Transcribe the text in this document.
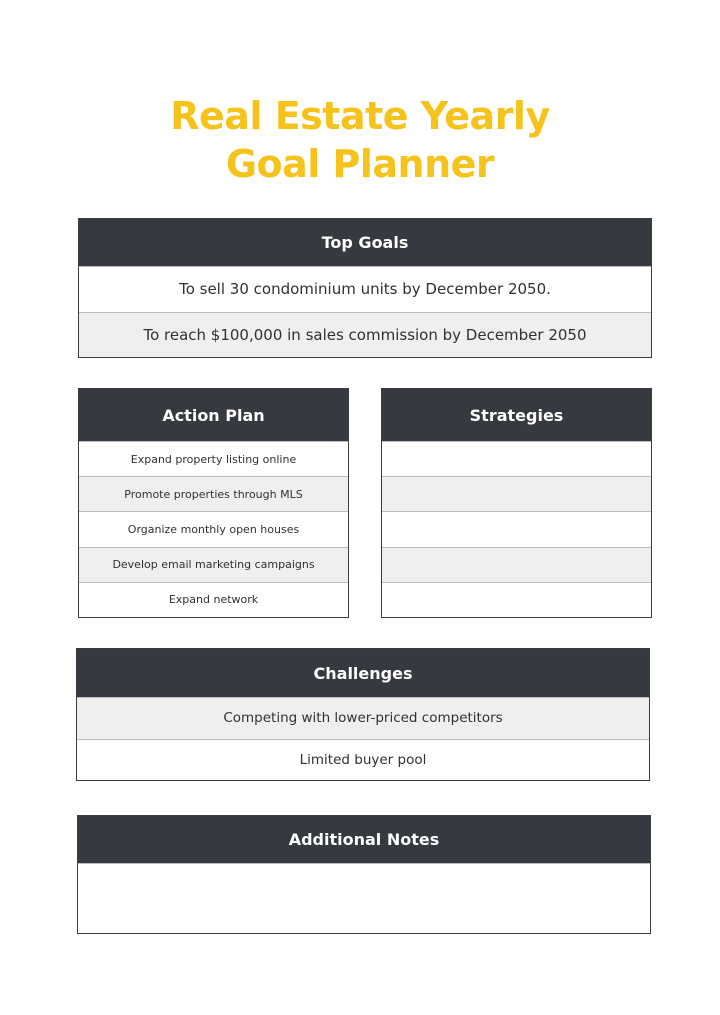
Real Estate Yearly
Goal Planner
Top Goals
To sell 30 condominium units by December 2050.
To reach $100,000 in sales commission by December 2050
Action Plan
Expand property listing online
Promote properties through MLS
Organize monthly open houses
Develop email marketing campaigns
Expand network
Strategies
Challenges
Competing with lower-priced competitors
Limited buyer pool
Additional Notes
